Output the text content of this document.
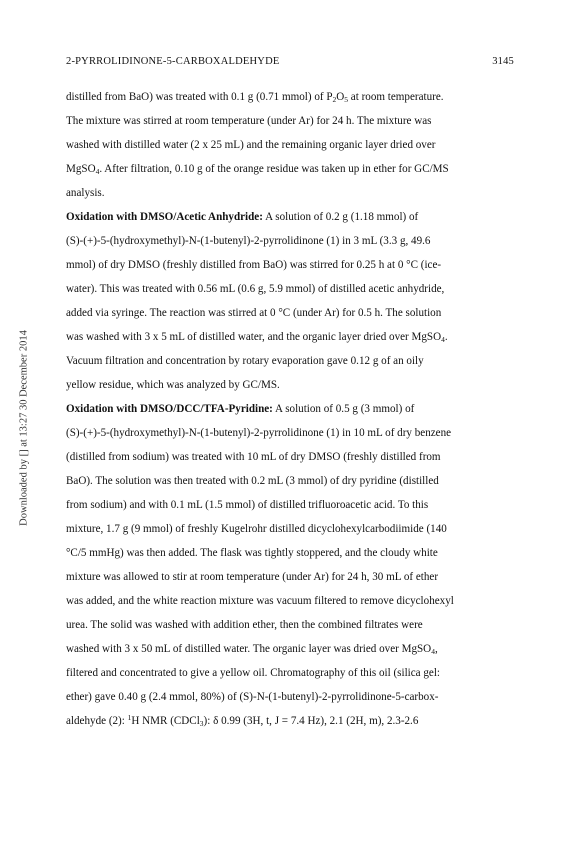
2-PYRROLIDINONE-5-CARBOXALDEHYDE	3145
Downloaded by [] at 13:27 30 December 2014
distilled from BaO) was treated with 0.1 g (0.71 mmol) of $P_2O_5$ at room temperature.
The mixture was stirred at room temperature (under Ar) for 24 h. The mixture was
washed with distilled water (2 x 25 mL) and the remaining organic layer dried over
MgSO$_4$. After filtration, 0.10 g of the orange residue was taken up in ether for GC/MS
analysis.
Oxidation with DMSO/Acetic Anhydride: A solution of 0.2 g (1.18 mmol) of
(S)-(+)-5-(hydroxymethyl)-N-(1-butenyl)-2-pyrrolidinone (1) in 3 mL (3.3 g, 49.6
mmol) of dry DMSO (freshly distilled from BaO) was stirred for 0.25 h at 0 °C (ice-
water). This was treated with 0.56 mL (0.6 g, 5.9 mmol) of distilled acetic anhydride,
added via syringe. The reaction was stirred at 0 °C (under Ar) for 0.5 h. The solution
was washed with 3 x 5 mL of distilled water, and the organic layer dried over MgSO$_4$.
Vacuum filtration and concentration by rotary evaporation gave 0.12 g of an oily
yellow residue, which was analyzed by GC/MS.
Oxidation with DMSO/DCC/TFA-Pyridine: A solution of 0.5 g (3 mmol) of
(S)-(+)-5-(hydroxymethyl)-N-(1-butenyl)-2-pyrrolidinone (1) in 10 mL of dry benzene
(distilled from sodium) was treated with 10 mL of dry DMSO (freshly distilled from
BaO). The solution was then treated with 0.2 mL (3 mmol) of dry pyridine (distilled
from sodium) and with 0.1 mL (1.5 mmol) of distilled trifluoroacetic acid. To this
mixture, 1.7 g (9 mmol) of freshly Kugelrohr distilled dicyclohexylcarbodiimide (140
°C/5 mmHg) was then added. The flask was tightly stoppered, and the cloudy white
mixture was allowed to stir at room temperature (under Ar) for 24 h, 30 mL of ether
was added, and the white reaction mixture was vacuum filtered to remove dicyclohexyl
urea. The solid was washed with addition ether, then the combined filtrates were
washed with 3 x 50 mL of distilled water. The organic layer was dried over MgSO$_4$,
filtered and concentrated to give a yellow oil. Chromatography of this oil (silica gel:
ether) gave 0.40 g (2.4 mmol, 80%) of (S)-N-(1-butenyl)-2-pyrrolidinone-5-carbox-
aldehyde (2): $^1$H NMR (CDCl$_3$): δ 0.99 (3H, t, J = 7.4 Hz), 2.1 (2H, m), 2.3-2.6
